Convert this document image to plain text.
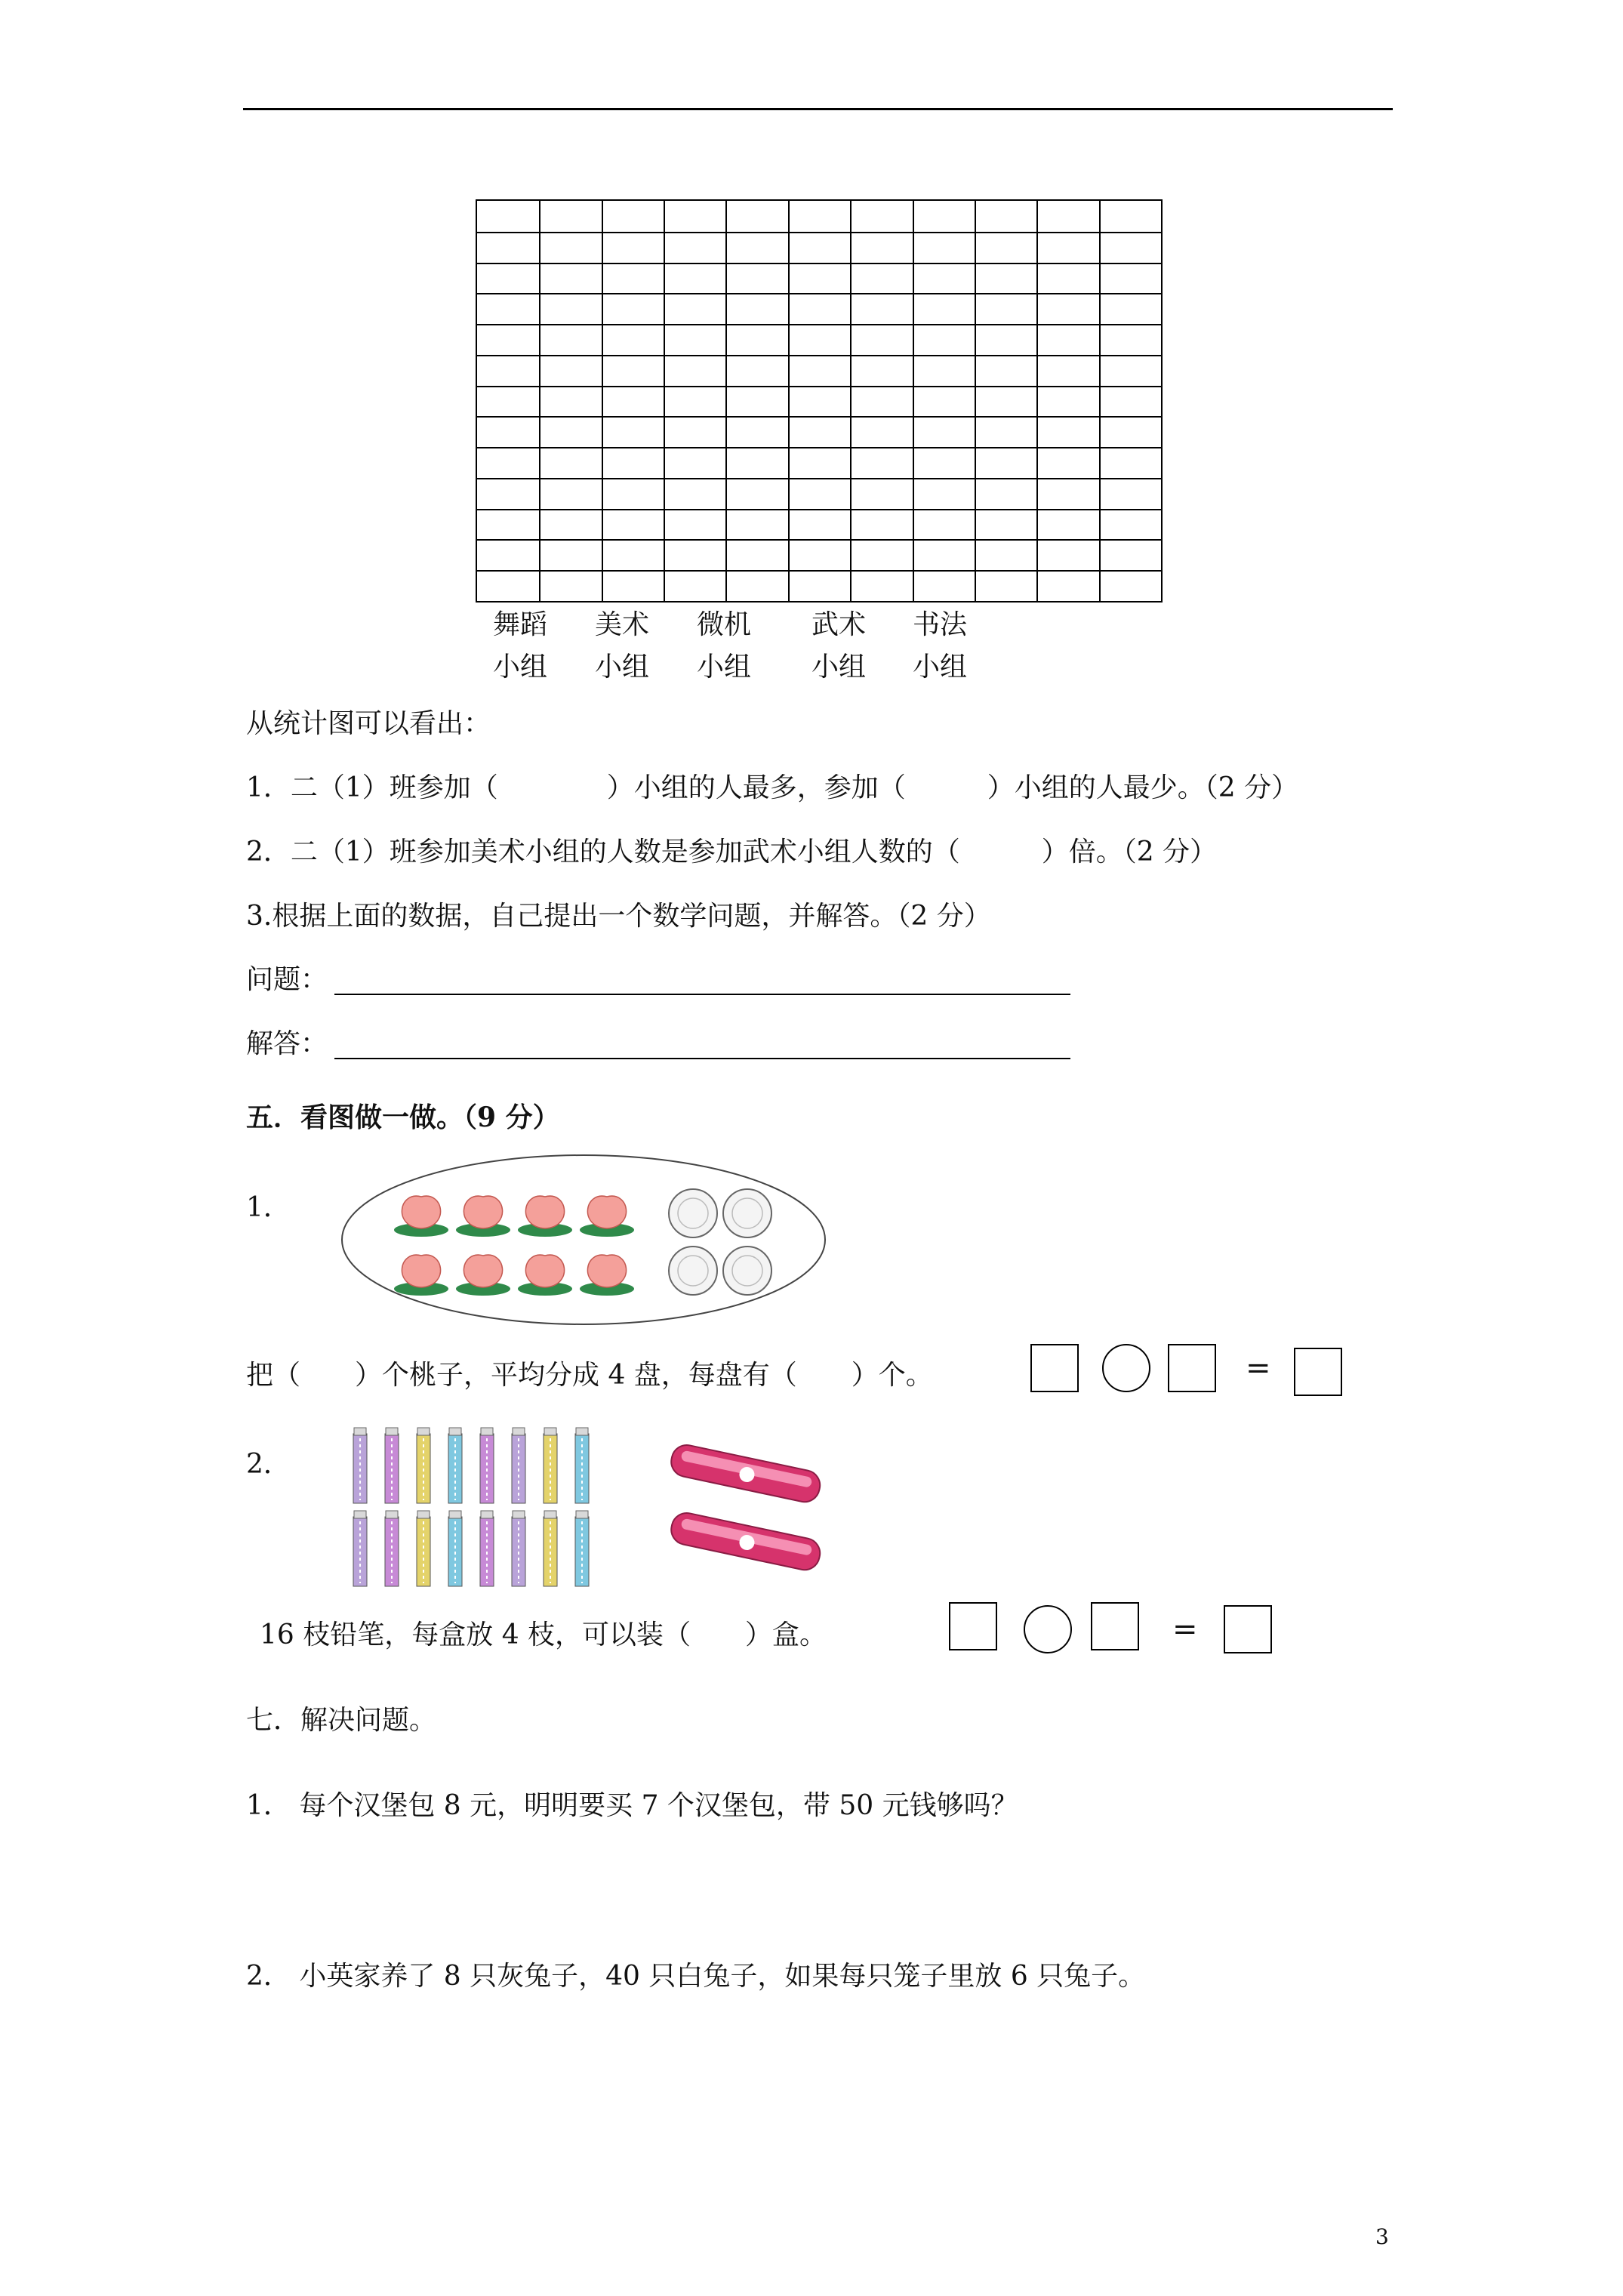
舞蹈
小组
美术
小组
微机
小组
武术
小组
书法
小组
从统计图可以看出：
1．二（1）班参加（　　　　）小组的人最多，参加（　　　）小组的人最少。（2 分）
2．二（1）班参加美术小组的人数是参加武术小组人数的（　　　）倍。（2 分）
3.根据上面的数据，自己提出一个数学问题，并解答。（2 分）
问题：
解答：
五．看图做一做。（9 分）
1．
把（　　）个桃子，平均分成 4 盘，每盘有（　　）个。	=
2．
16 枝铅笔，每盒放 4 枝，可以装（　　）盒。	=
七．解决问题。
1． 每个汉堡包 8 元，明明要买 7 个汉堡包，带 50 元钱够吗？
2． 小英家养了 8 只灰兔子，40 只白兔子，如果每只笼子里放 6 只兔子。
3
